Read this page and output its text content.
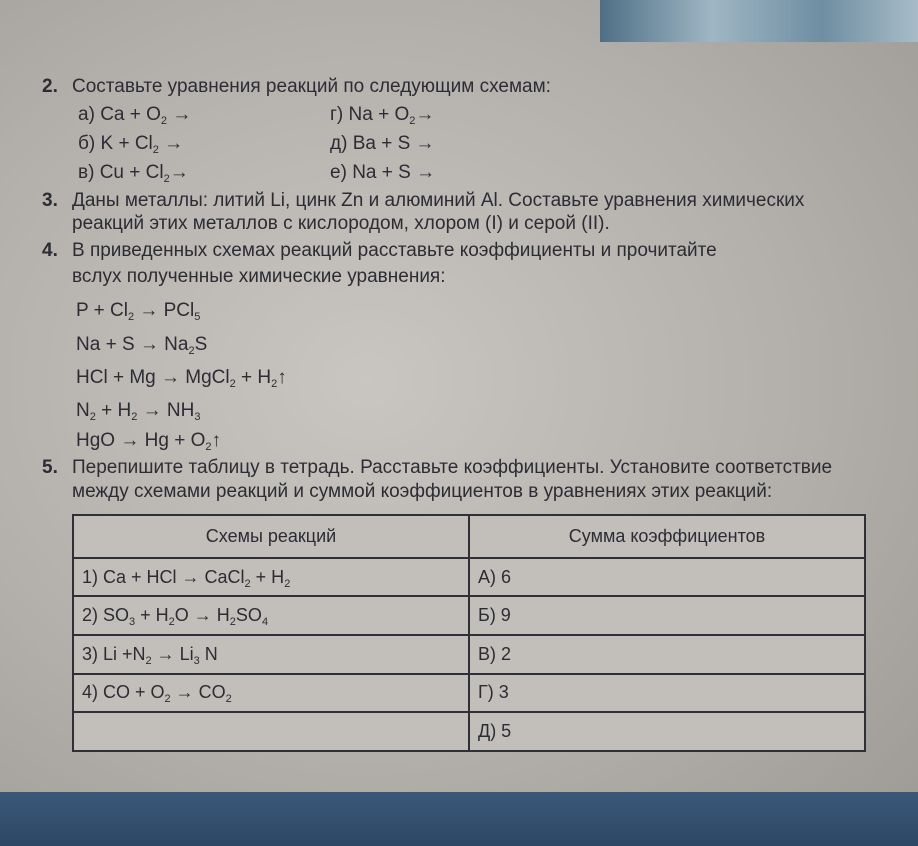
2. Составьте уравнения реакций по следующим схемам:
а) $Ca + O_2$ →	г) $Na + O_2\to$
б) $K + Cl_2$ →	д) Ba + S →
в) $Cu + Cl_2\to$	е) Na + S →
3. Даны металлы: литий Li, цинк Zn и алюминий Al. Составьте уравнения химических
реакций этих металлов с кислородом, хлором (I) и серой (II).
4. В приведенных схемах реакций расставьте коэффициенты и прочитайте
вслух полученные химические уравнения:
$P + Cl_2 \to PCl_5$
$Na + S \to Na_2S$
HCl + Mg → MgCl$_2$ + $H_2↑$
$N_2 + H_2 \to NH_3$
HgO → $Hg + O_2↑$
5. Перепишите таблицу в тетрадь. Расставьте коэффициенты. Установите соответствие
между схемами реакций и суммой коэффициентов в уравнениях этих реакций:
Схемы реакций	Сумма коэффициентов
1) Ca + HCl → CaCl$_2$ + $H_2$	А) 6
2) $SO_3 + H_2O \to H_2SO_4$	Б) 9
3) $Li +N_2 \to Li_3$ N	В) 2
4) CO + $O_2 \to CO_2$	Г) 3
	Д) 5
